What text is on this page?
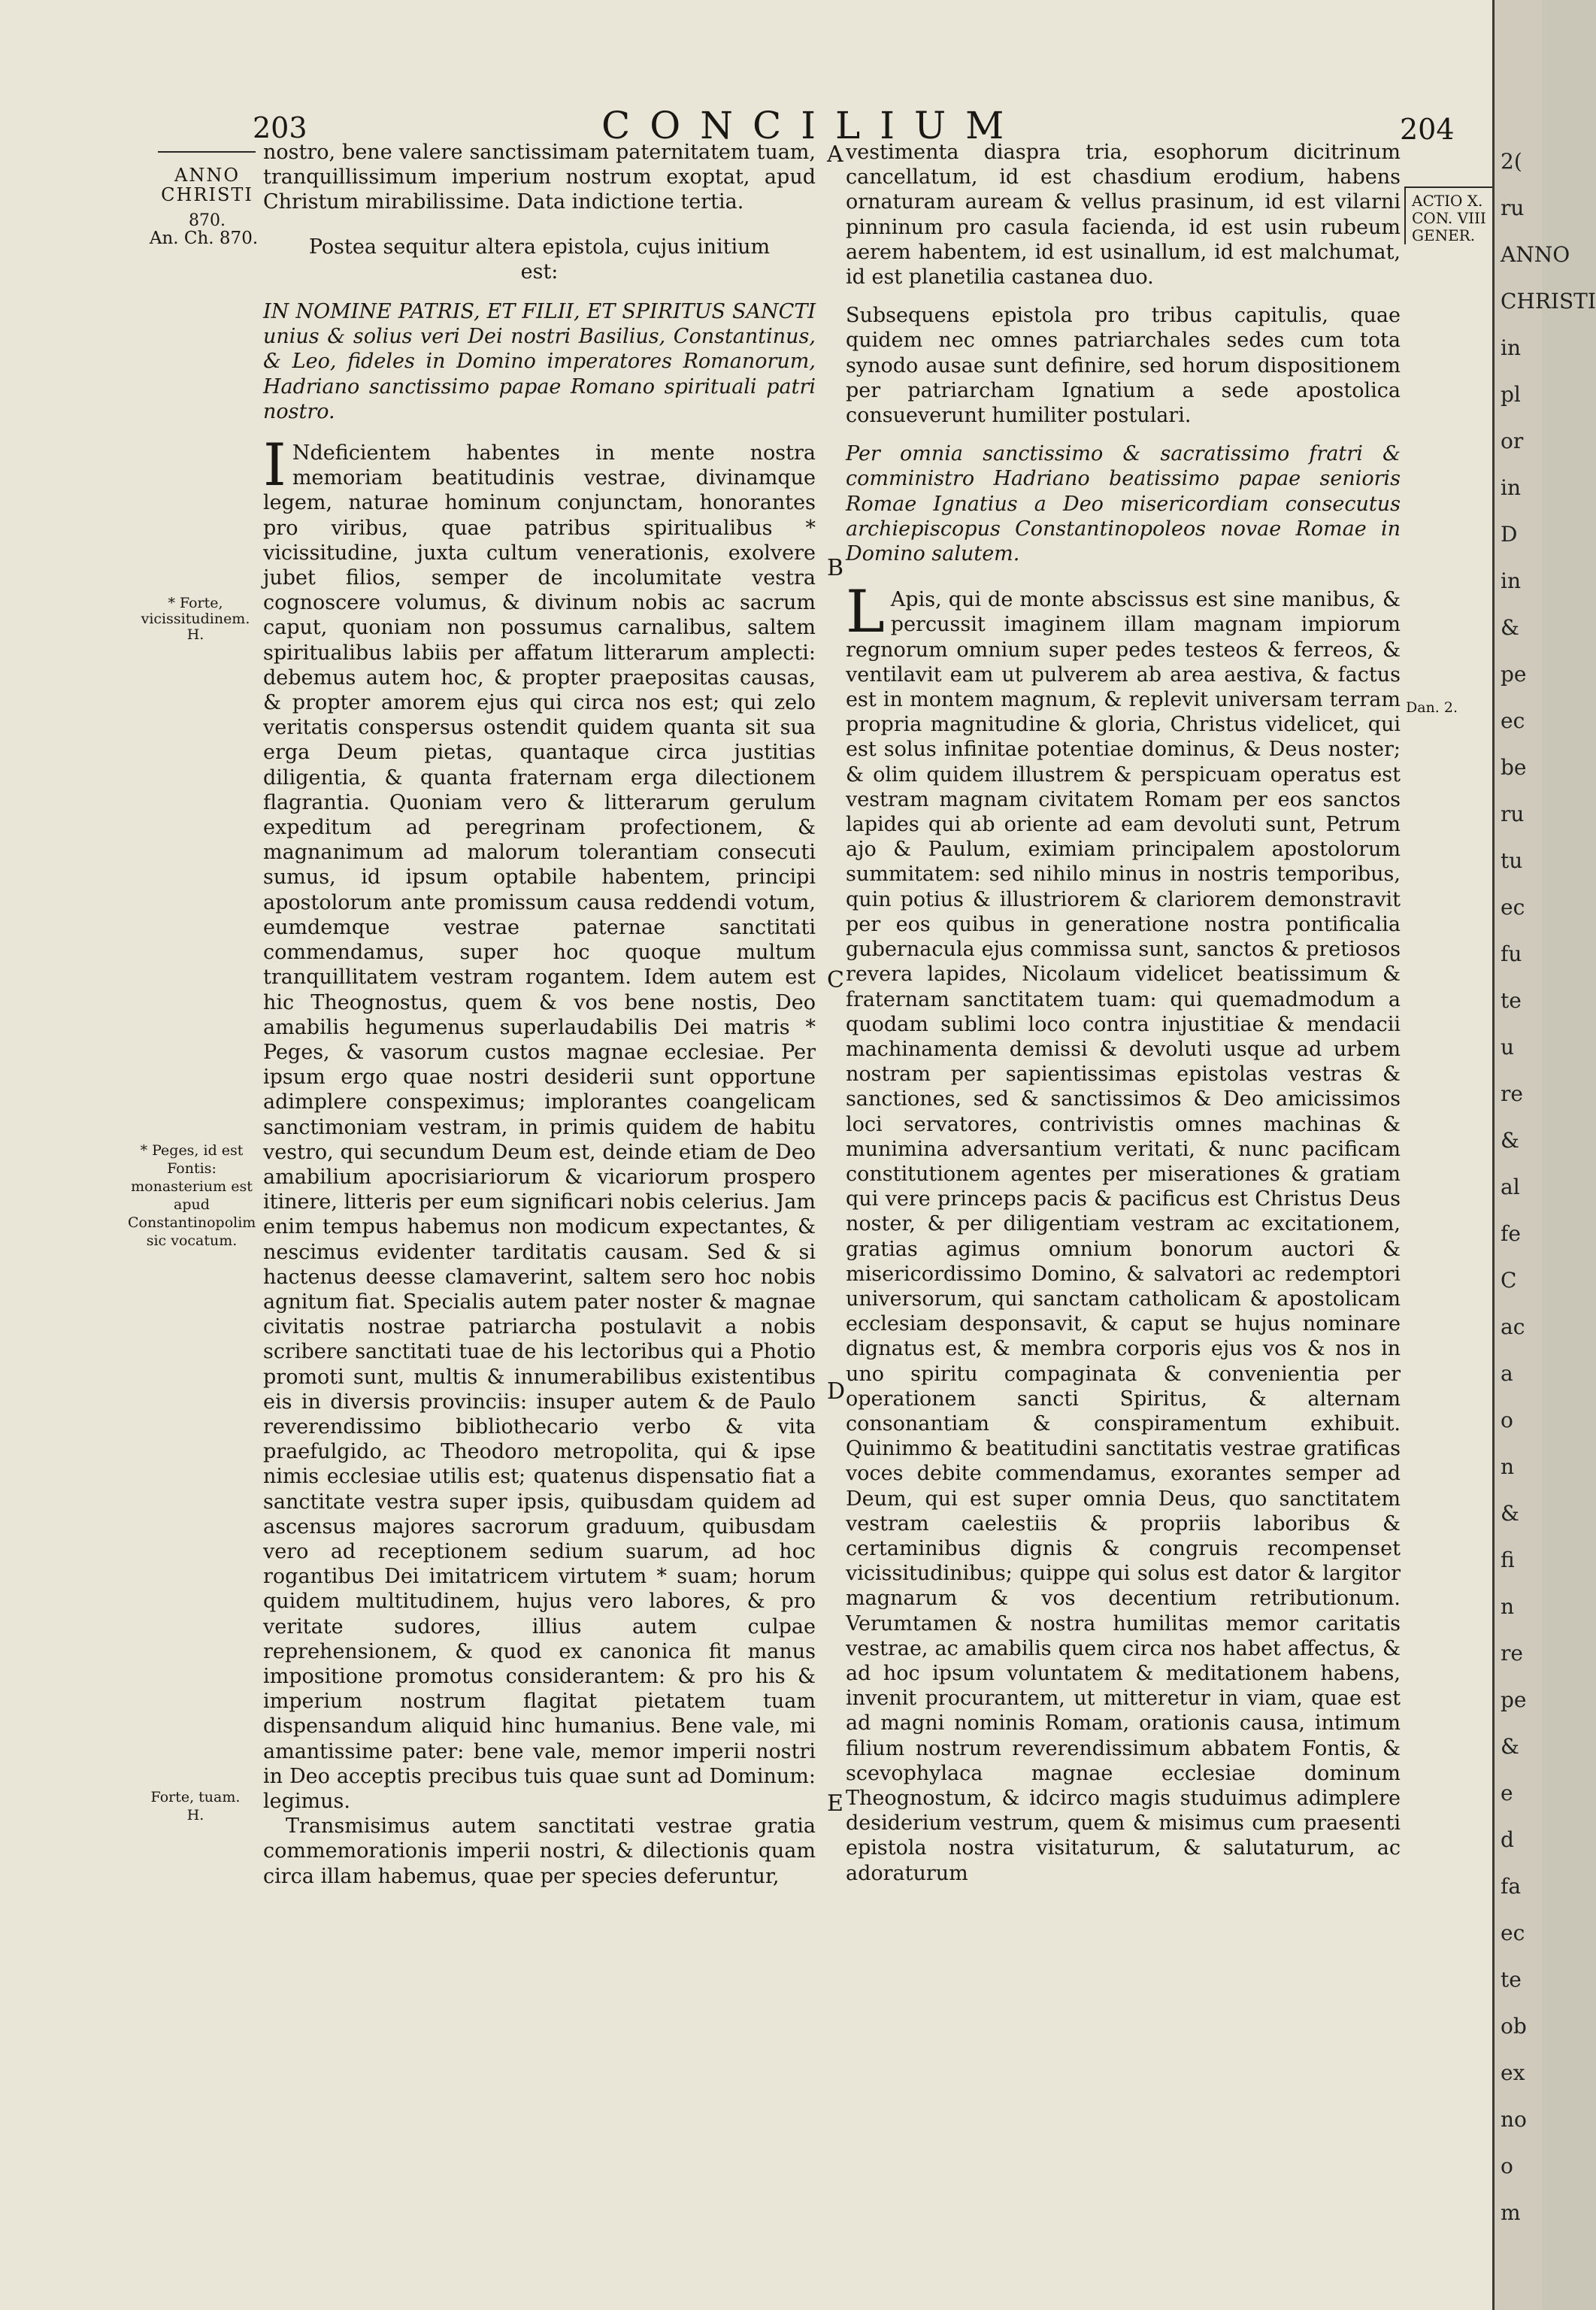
203	CONCILIUM	204
ANNO CHRISTI
870.
An. Ch. 870.
* Forte, vicissitudinem. H.
* Peges, id est Fontis: monasterium est apud Constantinopolim sic vocatum.
Forte, tuam. H.
ACTIO X. CON. VIII GENER.
Dan. 2.
A
B
C
D
E

nostro, bene valere sanctissimam paternitatem tuam, tranquillissimum imperium nostrum exoptat, apud Christum mirabilissime. Data indictione tertia.

Postea sequitur altera epistola, cujus initium est:

IN NOMINE PATRIS, ET FILII, ET SPIRITUS SANCTI unius & solius veri Dei nostri Basilius, Constantinus, & Leo, fideles in Domino imperatores Romanorum, Hadriano sanctissimo papae Romano spirituali patri nostro.

I Ndeficientem habentes in mente nostra memoriam beatitudinis vestrae, divinamque legem, naturae hominum conjunctam, honorantes pro viribus, quae patribus spiritualibus * vicissitudine, juxta cultum venerationis, exolvere jubet filios, semper de incolumitate vestra cognoscere volumus, & divinum nobis ac sacrum caput, quoniam non possumus carnalibus, saltem spiritualibus labiis per affatum litterarum amplecti: debemus autem hoc, & propter praepositas causas, & propter amorem ejus qui circa nos est; qui zelo veritatis conspersus ostendit quidem quanta sit sua erga Deum pietas, quantaque circa justitias diligentia, & quanta fraternam erga dilectionem flagrantia. Quoniam vero & litterarum gerulum expeditum ad peregrinam profectionem, & magnanimum ad malorum tolerantiam consecuti sumus, id ipsum optabile habentem, principi apostolorum ante promissum causa reddendi votum, eumdemque vestrae paternae sanctitati commendamus, super hoc quoque multum tranquillitatem vestram rogantem. Idem autem est hic Theognostus, quem & vos bene nostis, Deo amabilis hegumenus superlaudabilis Dei matris * Peges, & vasorum custos magnae ecclesiae. Per ipsum ergo quae nostri desiderii sunt opportune adimplere conspeximus; implorantes coangelicam sanctimoniam vestram, in primis quidem de habitu vestro, qui secundum Deum est, deinde etiam de Deo amabilium apocrisiariorum & vicariorum prospero itinere, litteris per eum significari nobis celerius. Jam enim tempus habemus non modicum expectantes, & nescimus evidenter tarditatis causam. Sed & si hactenus deesse clamaverint, saltem sero hoc nobis agnitum fiat. Specialis autem pater noster & magnae civitatis nostrae patriarcha postulavit a nobis scribere sanctitati tuae de his lectoribus qui a Photio promoti sunt, multis & innumerabilibus existentibus eis in diversis provinciis: insuper autem & de Paulo reverendissimo bibliothecario verbo & vita praefulgido, ac Theodoro metropolita, qui & ipse nimis ecclesiae utilis est; quatenus dispensatio fiat a sanctitate vestra super ipsis, quibusdam quidem ad ascensus majores sacrorum graduum, quibusdam vero ad receptionem sedium suarum, ad hoc rogantibus Dei imitatricem virtutem * suam; horum quidem multitudinem, hujus vero labores, & pro veritate sudores, illius autem culpae reprehensionem, & quod ex canonica fit manus impositione promotus considerantem: & pro his & imperium nostrum flagitat pietatem tuam dispensandum aliquid hinc humanius. Bene vale, mi amantissime pater: bene vale, memor imperii nostri in Deo acceptis precibus tuis quae sunt ad Dominum: legimus.

Transmisimus autem sanctitati vestrae gratia commemorationis imperii nostri, & dilectionis quam circa illam habemus, quae per species deferuntur,

vestimenta diaspra tria, esophorum dicitrinum cancellatum, id est chasdium erodium, habens ornaturam auream & vellus prasinum, id est vilarni pinninum pro casula facienda, id est usin rubeum aerem habentem, id est usinallum, id est malchumat, id est planetilia castanea duo.

Subsequens epistola pro tribus capitulis, quae quidem nec omnes patriarchales sedes cum tota synodo ausae sunt definire, sed horum dispositionem per patriarcham Ignatium a sede apostolica consueverunt humiliter postulari.

Per omnia sanctissimo & sacratissimo fratri & comministro Hadriano beatissimo papae senioris Romae Ignatius a Deo misericordiam consecutus archiepiscopus Constantinopoleos novae Romae in Domino salutem.

L Apis, qui de monte abscissus est sine manibus, & percussit imaginem illam magnam impiorum regnorum omnium super pedes testeos & ferreos, & ventilavit eam ut pulverem ab area aestiva, & factus est in montem magnum, & replevit universam terram propria magnitudine & gloria, Christus videlicet, qui est solus infinitae potentiae dominus, & Deus noster; & olim quidem illustrem & perspicuam operatus est vestram magnam civitatem Romam per eos sanctos lapides qui ab oriente ad eam devoluti sunt, Petrum ajo & Paulum, eximiam principalem apostolorum summitatem: sed nihilo minus in nostris temporibus, quin potius & illustriorem & clariorem demonstravit per eos quibus in generatione nostra pontificalia gubernacula ejus commissa sunt, sanctos & pretiosos revera lapides, Nicolaum videlicet beatissimum & fraternam sanctitatem tuam: qui quemadmodum a quodam sublimi loco contra injustitiae & mendacii machinamenta demissi & devoluti usque ad urbem nostram per sapientissimas epistolas vestras & sanctiones, sed & sanctissimos & Deo amicissimos loci servatores, contrivistis omnes machinas & munimina adversantium veritati, & nunc pacificam constitutionem agentes per miserationes & gratiam qui vere princeps pacis & pacificus est Christus Deus noster, & per diligentiam vestram ac excitationem, gratias agimus omnium bonorum auctori & misericordissimo Domino, & salvatori ac redemptori universorum, qui sanctam catholicam & apostolicam ecclesiam desponsavit, & caput se hujus nominare dignatus est, & membra corporis ejus vos & nos in uno spiritu compaginata & convenientia per operationem sancti Spiritus, & alternam consonantiam & conspiramentum exhibuit. Quinimmo & beatitudini sanctitatis vestrae gratificas voces debite commendamus, exorantes semper ad Deum, qui est super omnia Deus, quo sanctitatem vestram caelestiis & propriis laboribus & certaminibus dignis & congruis recompenset vicissitudinibus; quippe qui solus est dator & largitor magnarum & vos decentium retributionum. Verumtamen & nostra humilitas memor caritatis vestrae, ac amabilis quem circa nos habet affectus, & ad hoc ipsum voluntatem & meditationem habens, invenit procurantem, ut mitteretur in viam, quae est ad magni nominis Romam, orationis causa, intimum filium nostrum reverendissimum abbatem Fontis, & scevophylaca magnae ecclesiae dominum Theognostum, & idcirco magis studuimus adimplere desiderium vestrum, quem & misimus cum praesenti epistola nostra visitaturum, & salutaturum, ac adoraturum

2(
ru
ANNO
CHRISTI
in
pl
or
in
D
in
&
pe
ec
be
ru
tu
ec
fu
te
u
re
&
al
fe
C
ac
a
o
n
&
fi
n
re
pe
&
e
d
fa
ec
te
ob
ex
no
o
m
